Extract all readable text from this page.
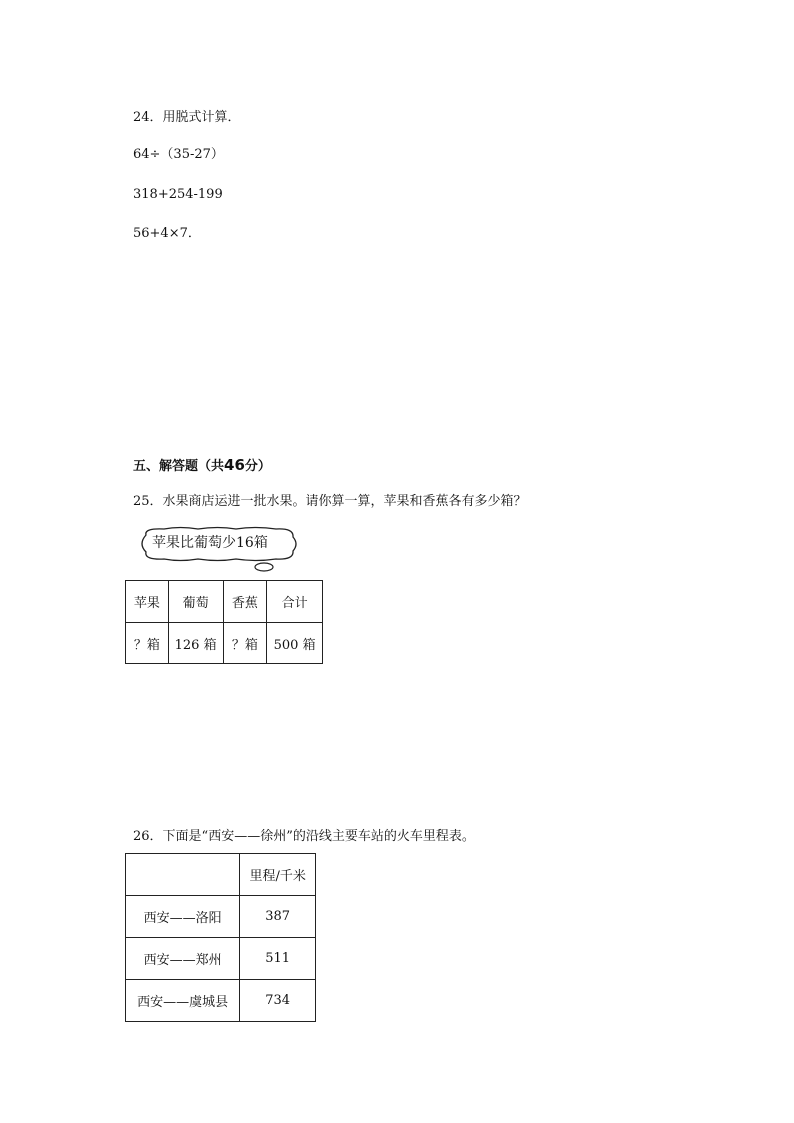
24．用脱式计算．
64÷（35-27）
318+254-199
56+4×7．
五、解答题（共46分）
25．水果商店运进一批水果。请你算一算，苹果和香蕉各有多少箱？
苹果比葡萄少16箱
苹果	葡萄	香蕉	合计
？箱	126 箱	？箱	500 箱
26．下面是“西安——徐州”的沿线主要车站的火车里程表。
	里程/千米
西安——洛阳	387
西安——郑州	511
西安——虞城县	734
